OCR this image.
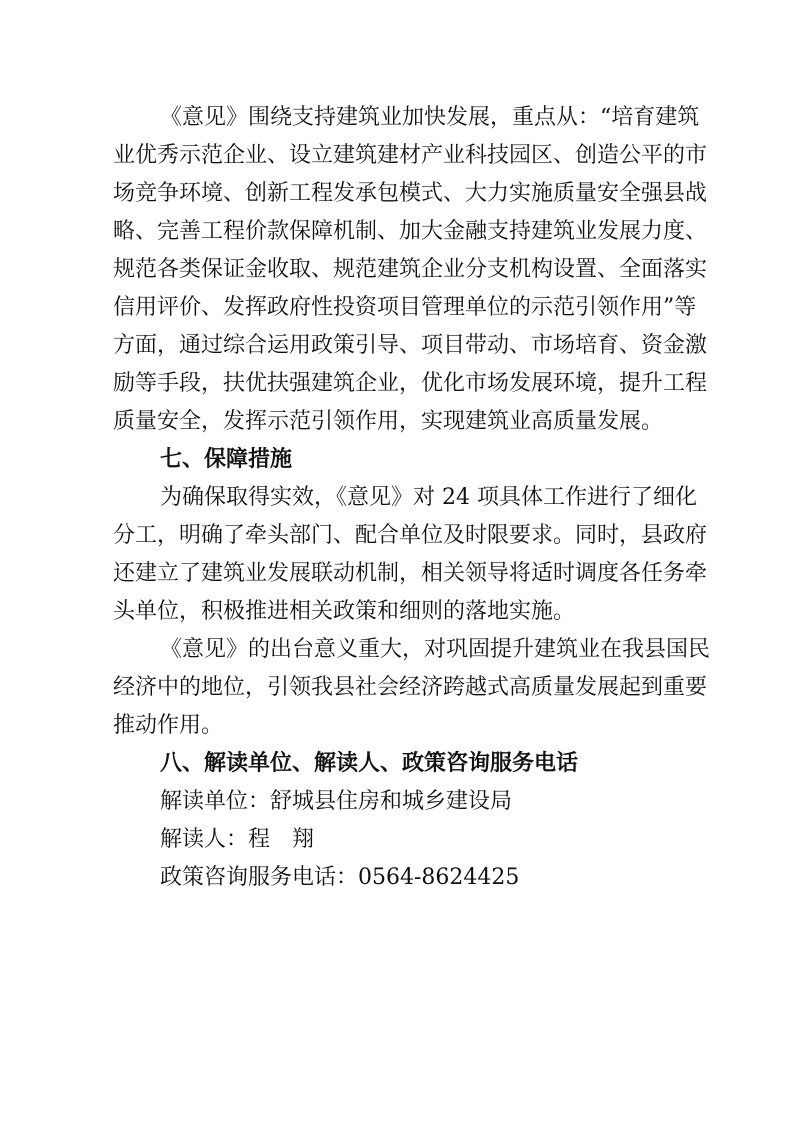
《意见》围绕支持建筑业加快发展，重点从：“培育建筑
业优秀示范企业、设立建筑建材产业科技园区、创造公平的市
场竞争环境、创新工程发承包模式、大力实施质量安全强县战
略、完善工程价款保障机制、加大金融支持建筑业发展力度、
规范各类保证金收取、规范建筑企业分支机构设置、全面落实
信用评价、发挥政府性投资项目管理单位的示范引领作用”等
方面，通过综合运用政策引导、项目带动、市场培育、资金激
励等手段，扶优扶强建筑企业，优化市场发展环境，提升工程
质量安全，发挥示范引领作用，实现建筑业高质量发展。
七、保障措施
为确保取得实效，《意见》对 24 项具体工作进行了细化
分工，明确了牵头部门、配合单位及时限要求。同时，县政府
还建立了建筑业发展联动机制，相关领导将适时调度各任务牵
头单位，积极推进相关政策和细则的落地实施。
《意见》的出台意义重大，对巩固提升建筑业在我县国民
经济中的地位，引领我县社会经济跨越式高质量发展起到重要
推动作用。
八、解读单位、解读人、政策咨询服务电话
解读单位：舒城县住房和城乡建设局
解读人：程　翔
政策咨询服务电话：0564-8624425
